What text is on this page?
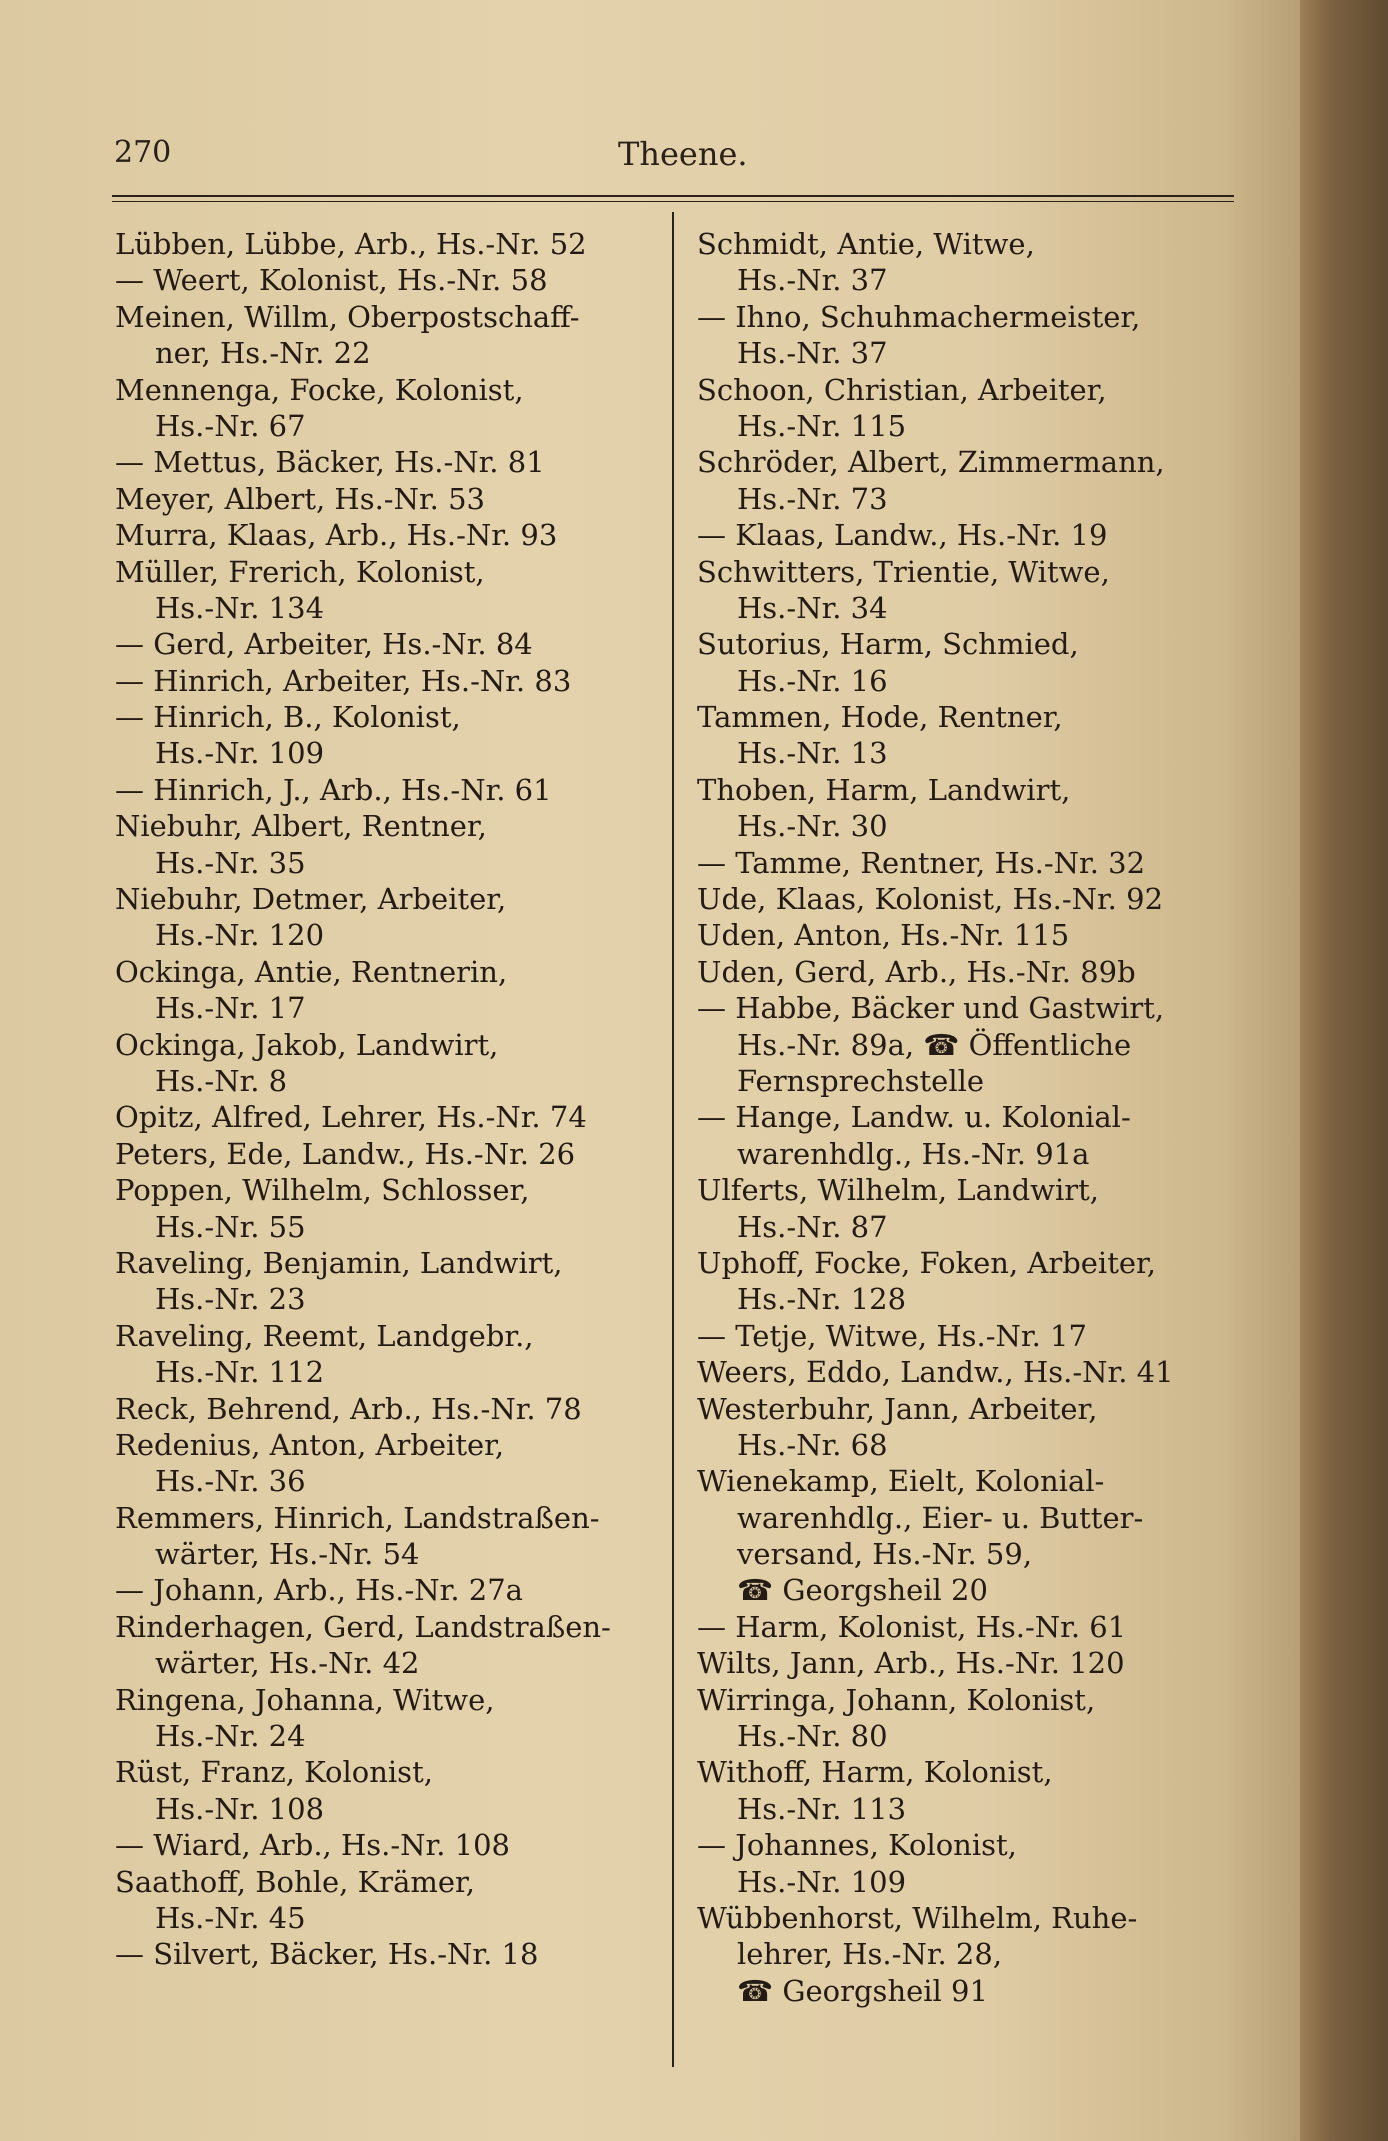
270	Theene.
Lübben, Lübbe, Arb., Hs.-Nr. 52
— Weert, Kolonist, Hs.-Nr. 58
Meinen, Willm, Oberpostschaff-
ner, Hs.-Nr. 22
Mennenga, Focke, Kolonist,
Hs.-Nr. 67
— Mettus, Bäcker, Hs.-Nr. 81
Meyer, Albert, Hs.-Nr. 53
Murra, Klaas, Arb., Hs.-Nr. 93
Müller, Frerich, Kolonist,
Hs.-Nr. 134
— Gerd, Arbeiter, Hs.-Nr. 84
— Hinrich, Arbeiter, Hs.-Nr. 83
— Hinrich, B., Kolonist,
Hs.-Nr. 109
— Hinrich, J., Arb., Hs.-Nr. 61
Niebuhr, Albert, Rentner,
Hs.-Nr. 35
Niebuhr, Detmer, Arbeiter,
Hs.-Nr. 120
Ockinga, Antie, Rentnerin,
Hs.-Nr. 17
Ockinga, Jakob, Landwirt,
Hs.-Nr. 8
Opitz, Alfred, Lehrer, Hs.-Nr. 74
Peters, Ede, Landw., Hs.-Nr. 26
Poppen, Wilhelm, Schlosser,
Hs.-Nr. 55
Raveling, Benjamin, Landwirt,
Hs.-Nr. 23
Raveling, Reemt, Landgebr.,
Hs.-Nr. 112
Reck, Behrend, Arb., Hs.-Nr. 78
Redenius, Anton, Arbeiter,
Hs.-Nr. 36
Remmers, Hinrich, Landstraßen-
wärter, Hs.-Nr. 54
— Johann, Arb., Hs.-Nr. 27a
Rinderhagen, Gerd, Landstraßen-
wärter, Hs.-Nr. 42
Ringena, Johanna, Witwe,
Hs.-Nr. 24
Rüst, Franz, Kolonist,
Hs.-Nr. 108
— Wiard, Arb., Hs.-Nr. 108
Saathoff, Bohle, Krämer,
Hs.-Nr. 45
— Silvert, Bäcker, Hs.-Nr. 18
Schmidt, Antie, Witwe,
Hs.-Nr. 37
— Ihno, Schuhmachermeister,
Hs.-Nr. 37
Schoon, Christian, Arbeiter,
Hs.-Nr. 115
Schröder, Albert, Zimmermann,
Hs.-Nr. 73
— Klaas, Landw., Hs.-Nr. 19
Schwitters, Trientie, Witwe,
Hs.-Nr. 34
Sutorius, Harm, Schmied,
Hs.-Nr. 16
Tammen, Hode, Rentner,
Hs.-Nr. 13
Thoben, Harm, Landwirt,
Hs.-Nr. 30
— Tamme, Rentner, Hs.-Nr. 32
Ude, Klaas, Kolonist, Hs.-Nr. 92
Uden, Anton, Hs.-Nr. 115
Uden, Gerd, Arb., Hs.-Nr. 89b
— Habbe, Bäcker und Gastwirt,
Hs.-Nr. 89a, ☎ Öffentliche
Fernsprechstelle
— Hange, Landw. u. Kolonial-
warenhdlg., Hs.-Nr. 91a
Ulferts, Wilhelm, Landwirt,
Hs.-Nr. 87
Uphoff, Focke, Foken, Arbeiter,
Hs.-Nr. 128
— Tetje, Witwe, Hs.-Nr. 17
Weers, Eddo, Landw., Hs.-Nr. 41
Westerbuhr, Jann, Arbeiter,
Hs.-Nr. 68
Wienekamp, Eielt, Kolonial-
warenhdlg., Eier- u. Butter-
versand, Hs.-Nr. 59,
☎ Georgsheil 20
— Harm, Kolonist, Hs.-Nr. 61
Wilts, Jann, Arb., Hs.-Nr. 120
Wirringa, Johann, Kolonist,
Hs.-Nr. 80
Withoff, Harm, Kolonist,
Hs.-Nr. 113
— Johannes, Kolonist,
Hs.-Nr. 109
Wübbenhorst, Wilhelm, Ruhe-
lehrer, Hs.-Nr. 28,
☎ Georgsheil 91
